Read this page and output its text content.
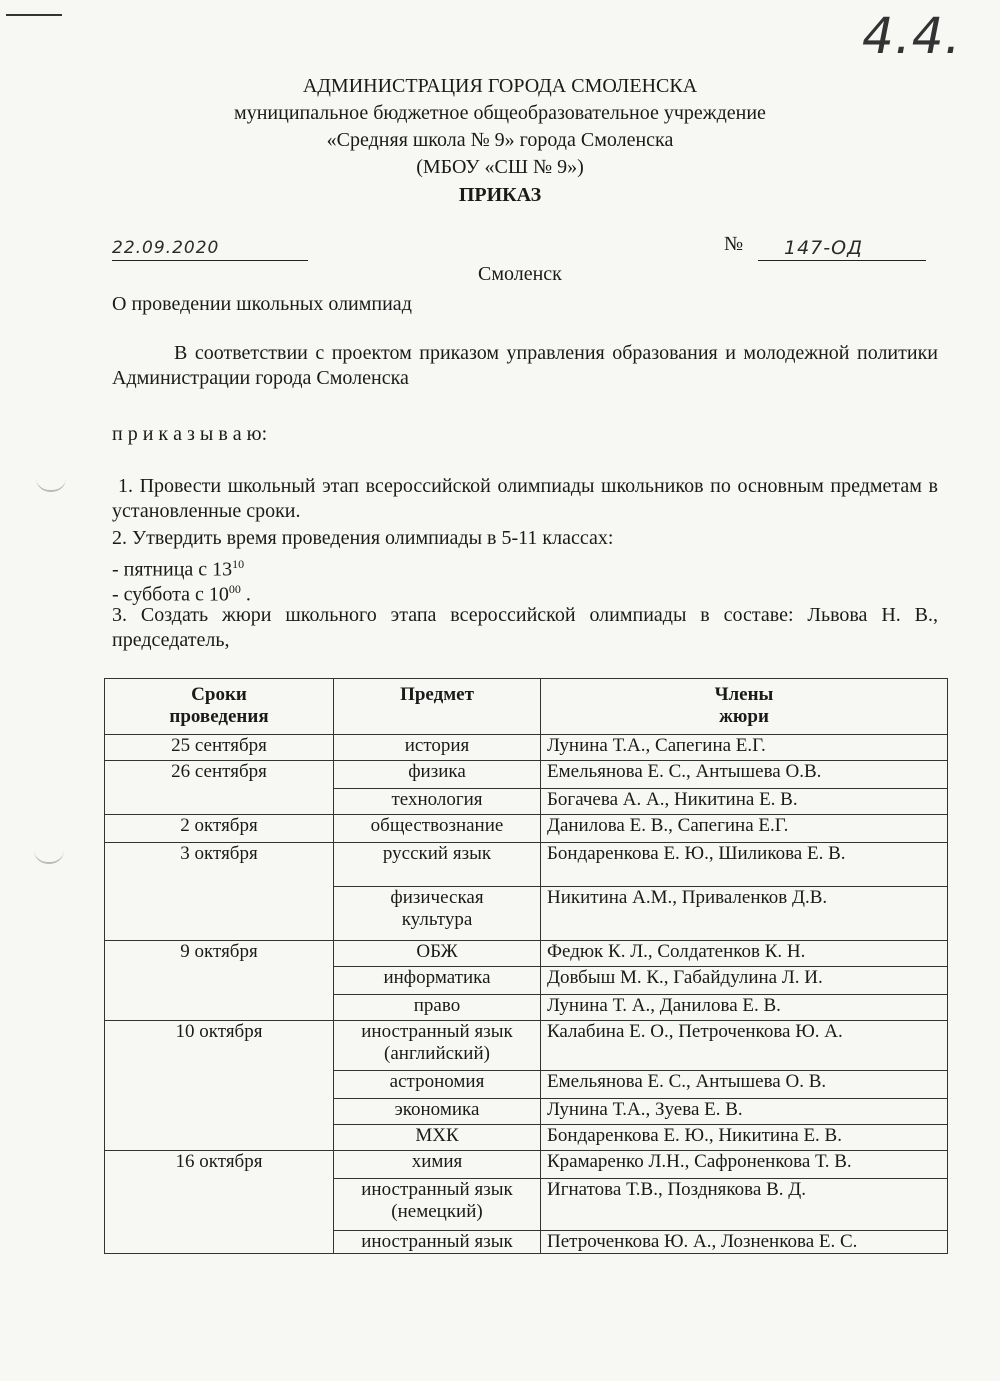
4.4.
АДМИНИСТРАЦИЯ ГОРОДА СМОЛЕНСКА
муниципальное бюджетное общеобразовательное учреждение
«Средняя школа № 9» города Смоленска
(МБОУ «СШ № 9»)
ПРИКАЗ
22.09.2020	№	147-ОД
Смоленск
О проведении школьных олимпиад
В соответствии с проектом приказом управления образования и молодежной политики Администрации города Смоленска
п р и к а з ы в а ю:
1. Провести школьный этап всероссийской олимпиады школьников по основным предметам в установленные сроки.
2. Утвердить время проведения олимпиады в 5-11 классах:
- пятница с $13^{10}$
- суббота с $10^{00}$ .
3. Создать жюри школьного этапа всероссийской олимпиады в составе: Львова Н. В., председатель,
Сроки проведения	Предмет	Члены
жюри

25 сентября	история	Лунина Т.А., Сапегина Е.Г.
26 сентября	физика	Емельянова Е. С., Антышева О.В.
	технология	Богачева А. А., Никитина Е. В.
2 октября	обществознание	Данилова Е. В., Сапегина Е.Г.
3 октября	русский язык	Бондаренкова Е. Ю., Шиликова Е. В.
	физическая культура	Никитина А.М., Приваленков Д.В.
9 октября	ОБЖ	Федюк К. Л., Солдатенков К. Н.
	информатика	Довбыш М. К., Габайдулина Л. И.
	право	Лунина Т. А., Данилова Е. В.
10 октября	иностранный язык (английский)	Калабина Е. О., Петроченкова Ю. А.
	астрономия	Емельянова Е. С., Антышева О. В.
	экономика	Лунина Т.А., Зуева Е. В.
	МХК	Бондаренкова Е. Ю., Никитина Е. В.
16 октября	химия	Крамаренко Л.Н., Сафроненкова Т. В.
	иностранный язык (немецкий)	Игнатова Т.В., Позднякова В. Д.
	иностранный язык	Петроченкова Ю. А., Лозненкова Е. С.
